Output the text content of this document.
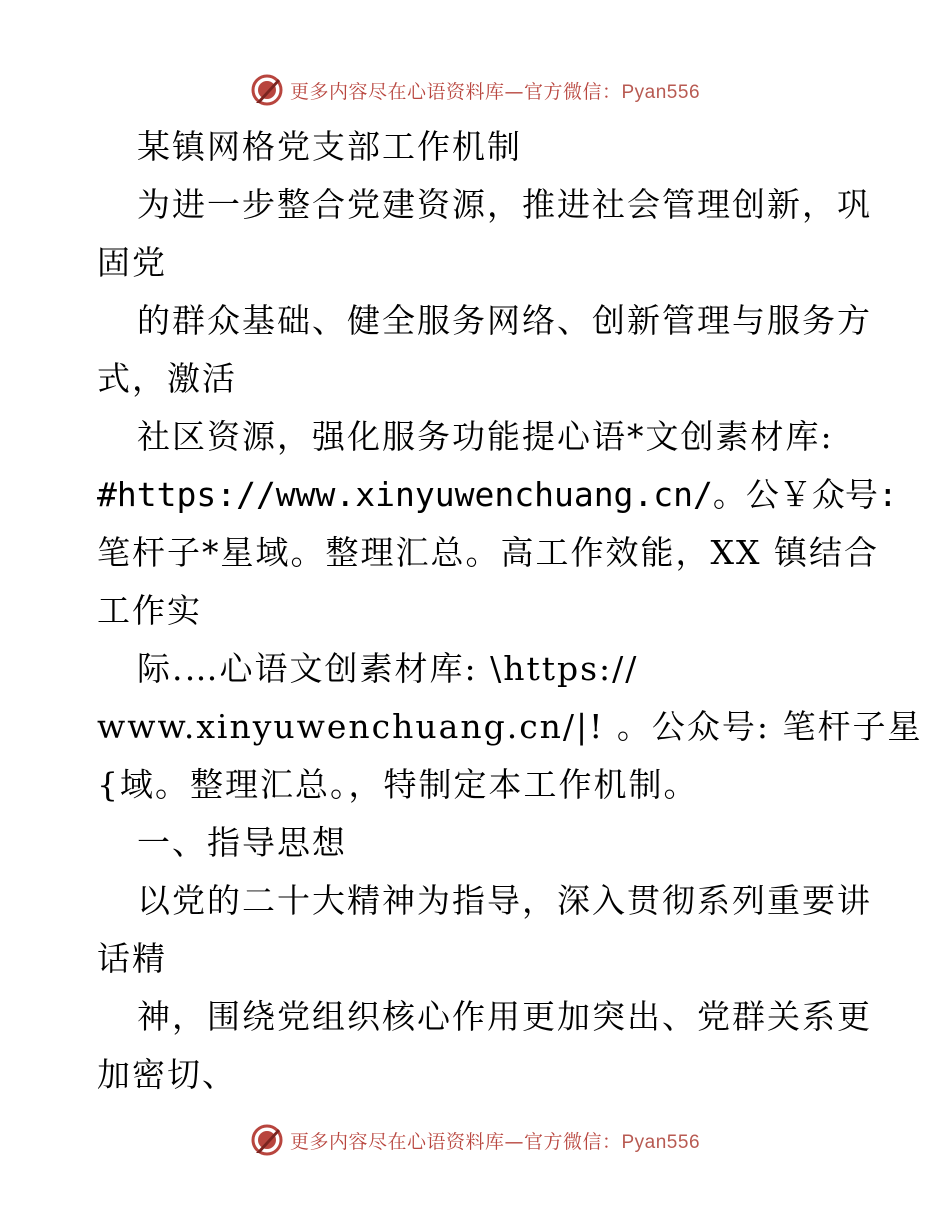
更多内容尽在心语资料库—官方微信：Pyan556
某镇网格党支部工作机制
为进一步整合党建资源，推进社会管理创新，巩
固党
的群众基础、健全服务网络、创新管理与服务方
式，激活
社区资源，强化服务功能提心语*文创素材库:
#https://www.xinyuwenchuang.cn/。公￥众号:
笔杆子*星域。整理汇总。高工作效能，XX 镇结合
工作实
际.…心语文创素材库: \https://
www.xinyuwenchuang.cn/|! 。公众号: 笔杆子星
{域。整理汇总。，特制定本工作机制。
一、指导思想
以党的二十大精神为指导，深入贯彻系列重要讲
话精
神，围绕党组织核心作用更加突出、党群关系更
加密切、
更多内容尽在心语资料库—官方微信：Pyan556
